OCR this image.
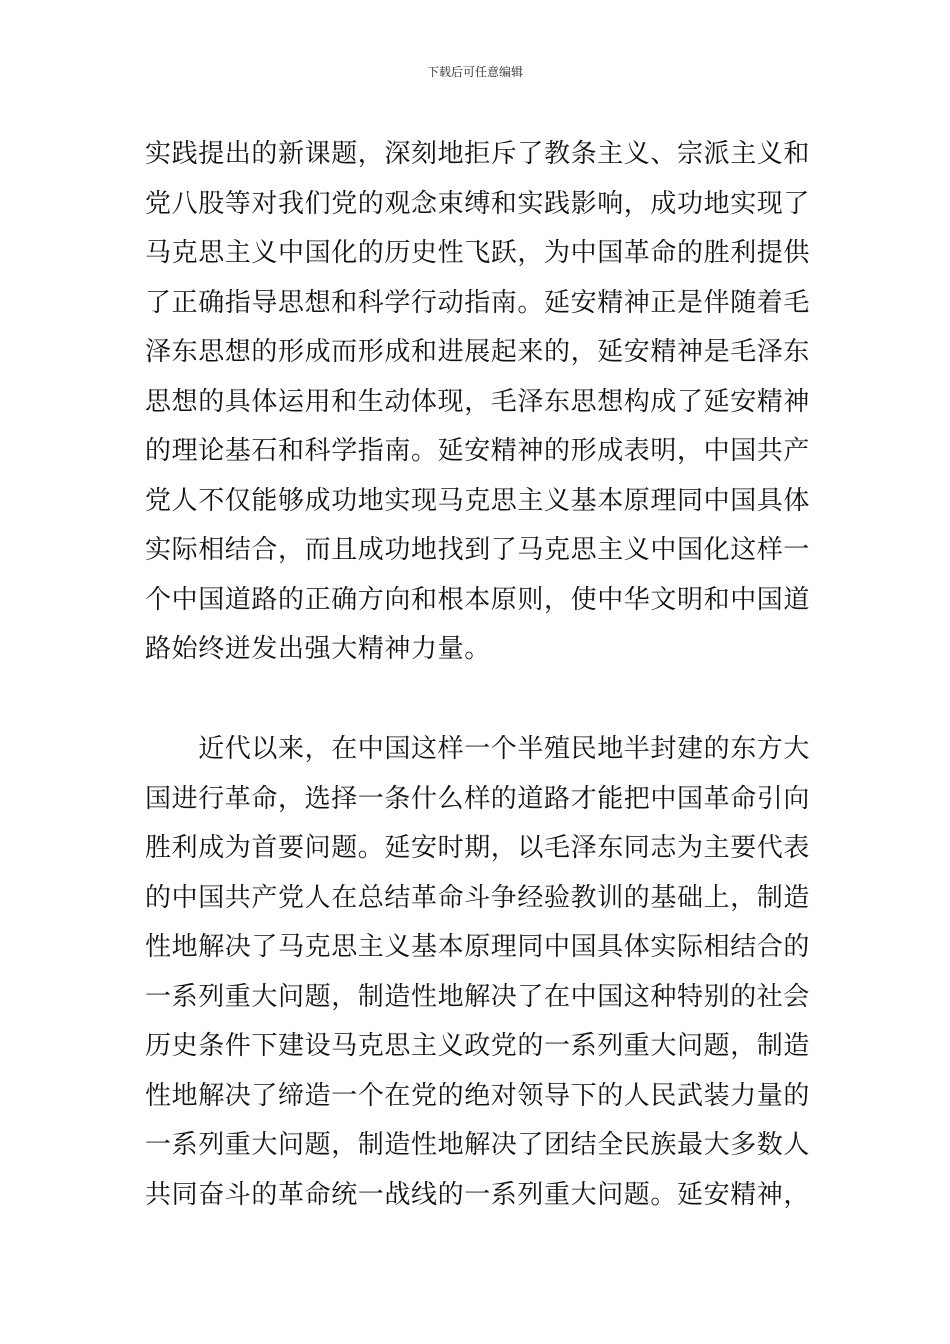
下载后可任意编辑

实践提出的新课题，深刻地拒斥了教条主义、宗派主义和

党八股等对我们党的观念束缚和实践影响，成功地实现了

马克思主义中国化的历史性飞跃，为中国革命的胜利提供

了正确指导思想和科学行动指南。延安精神正是伴随着毛

泽东思想的形成而形成和进展起来的，延安精神是毛泽东

思想的具体运用和生动体现，毛泽东思想构成了延安精神

的理论基石和科学指南。延安精神的形成表明，中国共产

党人不仅能够成功地实现马克思主义基本原理同中国具体

实际相结合，而且成功地找到了马克思主义中国化这样一

个中国道路的正确方向和根本原则，使中华文明和中国道

路始终迸发出强大精神力量。

　　近代以来，在中国这样一个半殖民地半封建的东方大

国进行革命，选择一条什么样的道路才能把中国革命引向

胜利成为首要问题。延安时期，以毛泽东同志为主要代表

的中国共产党人在总结革命斗争经验教训的基础上，制造

性地解决了马克思主义基本原理同中国具体实际相结合的

一系列重大问题，制造性地解决了在中国这种特别的社会

历史条件下建设马克思主义政党的一系列重大问题，制造

性地解决了缔造一个在党的绝对领导下的人民武装力量的

一系列重大问题，制造性地解决了团结全民族最大多数人

共同奋斗的革命统一战线的一系列重大问题。延安精神，
